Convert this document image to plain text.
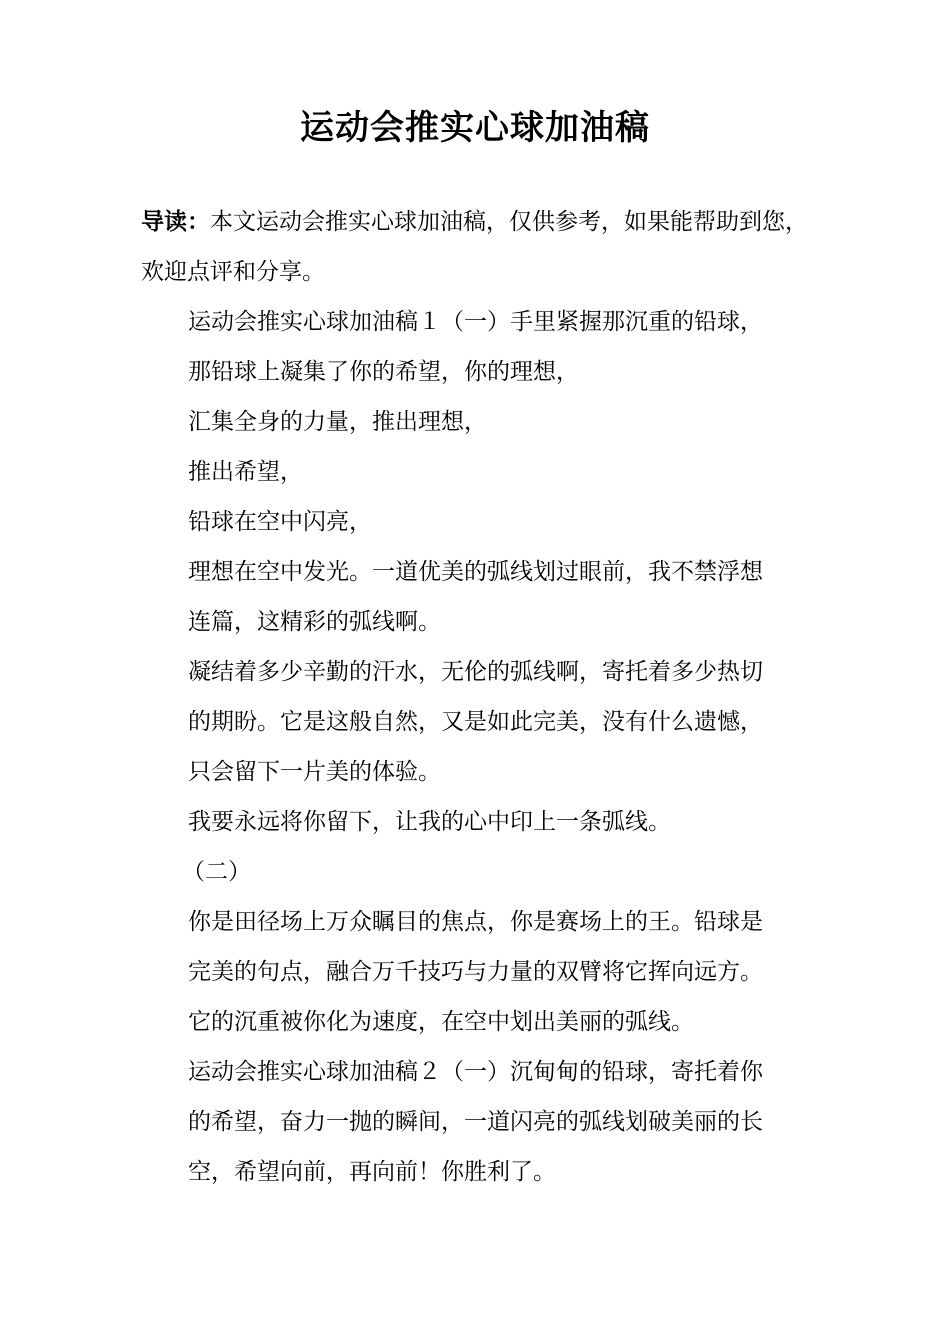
运动会推实心球加油稿
导读：本文运动会推实心球加油稿，仅供参考，如果能帮助到您，欢迎点评和分享。
运动会推实心球加油稿１（一）手里紧握那沉重的铅球，
那铅球上凝集了你的希望，你的理想，
汇集全身的力量，推出理想，
推出希望，
铅球在空中闪亮，
理想在空中发光。一道优美的弧线划过眼前，我不禁浮想
连篇，这精彩的弧线啊。
凝结着多少辛勤的汗水，无伦的弧线啊，寄托着多少热切
的期盼。它是这般自然，又是如此完美，没有什么遗憾，
只会留下一片美的体验。
我要永远将你留下，让我的心中印上一条弧线。
（二）
你是田径场上万众瞩目的焦点，你是赛场上的王。铅球是
完美的句点，融合万千技巧与力量的双臂将它挥向远方。
它的沉重被你化为速度，在空中划出美丽的弧线。
运动会推实心球加油稿２（一）沉甸甸的铅球，寄托着你
的希望，奋力一抛的瞬间，一道闪亮的弧线划破美丽的长
空，希望向前，再向前！你胜利了。
